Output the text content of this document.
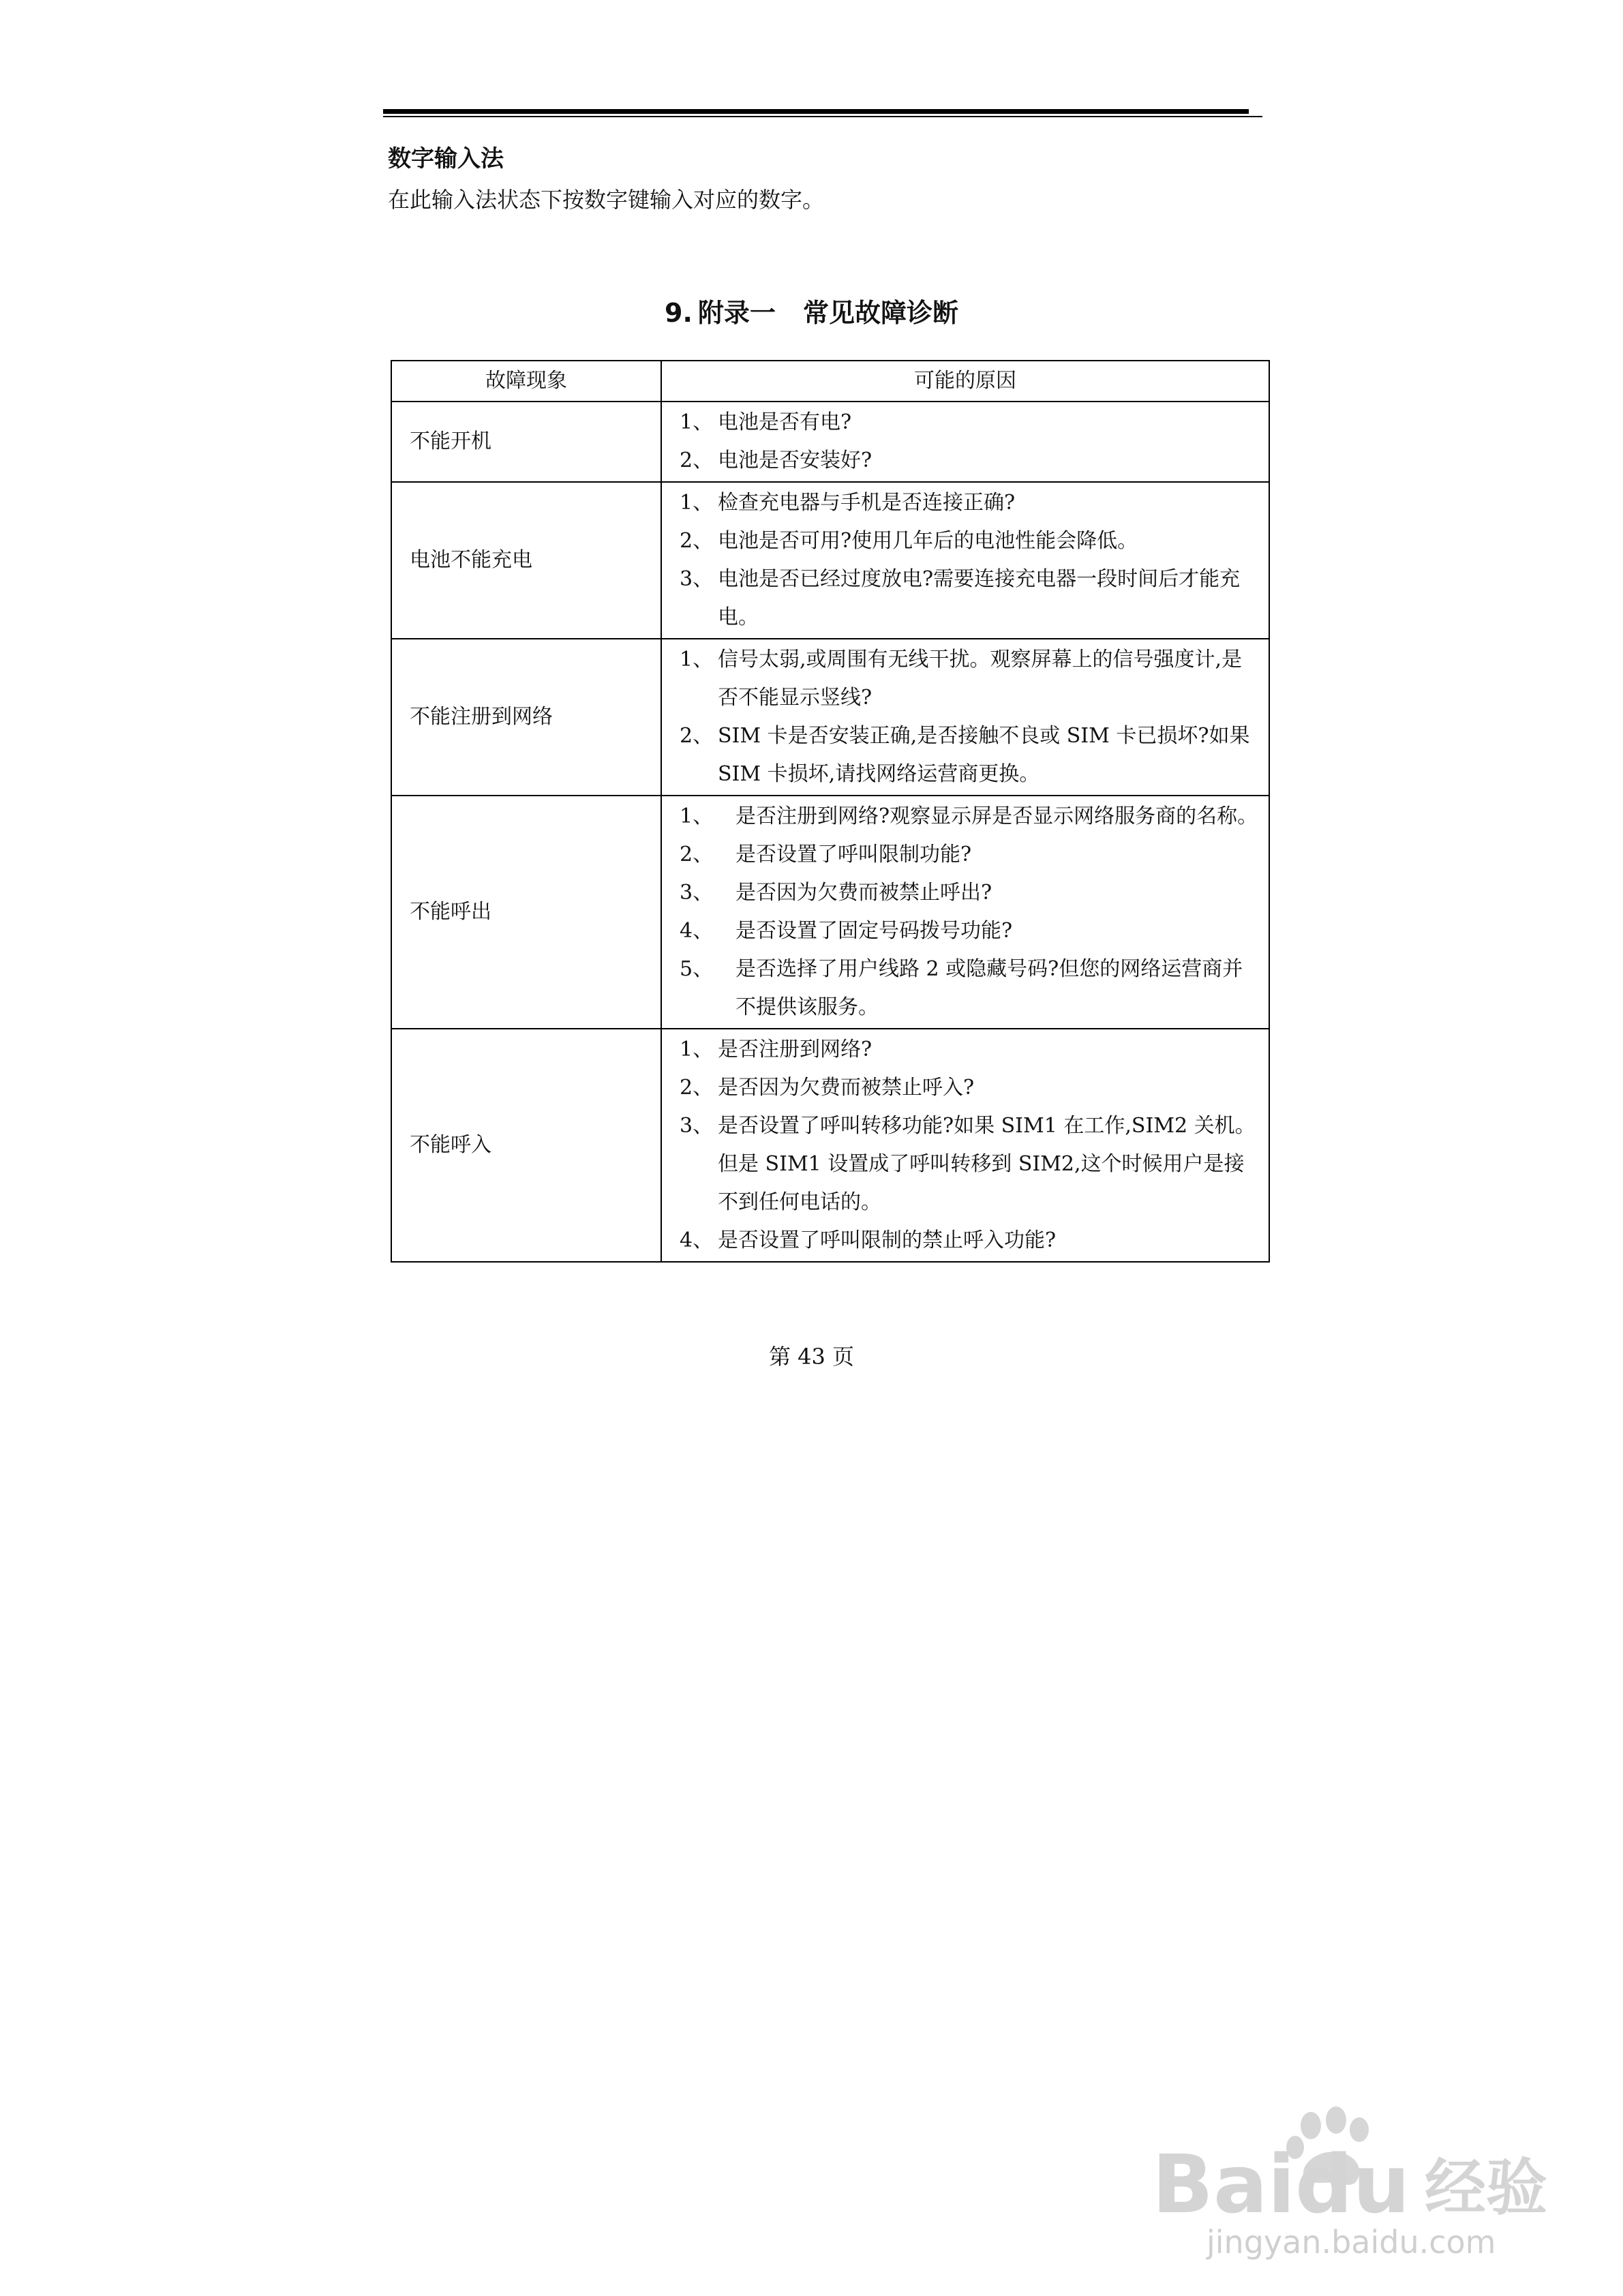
数字输入法
在此输入法状态下按数字键输入对应的数字。
9. 附录一 常见故障诊断
故障现象	可能的原因
不能开机	1、 电池是否有电?
2、 电池是否安装好?

电池不能充电	1、 检查充电器与手机是否连接正确?
2、 电池是否可用?使用几年后的电池性能会降低。
3、 电池是否已经过度放电?需要连接充电器一段时间后才能充电。

不能注册到网络	1、 信号太弱,或周围有无线干扰。观察屏幕上的信号强度计,是否不能显示竖线?
2、 SIM 卡是否安装正确,是否接触不良或 SIM 卡已损坏?如果 SIM 卡损坏,请找网络运营商更换。

不能呼出	1、 是否注册到网络?观察显示屏是否显示网络服务商的名称。
2、 是否设置了呼叫限制功能?
3、 是否因为欠费而被禁止呼出?
4、 是否设置了固定号码拨号功能?
5、 是否选择了用户线路 2 或隐藏号码?但您的网络运营商并不提供该服务。

不能呼入	1、 是否注册到网络?
2、 是否因为欠费而被禁止呼入?
3、 是否设置了呼叫转移功能?如果 SIM1 在工作,SIM2 关机。但是 SIM1 设置成了呼叫转移到 SIM2,这个时候用户是接不到任何电话的。
4、 是否设置了呼叫限制的禁止呼入功能?
第 43 页
Baidu 经验
jingyan.baidu.com
